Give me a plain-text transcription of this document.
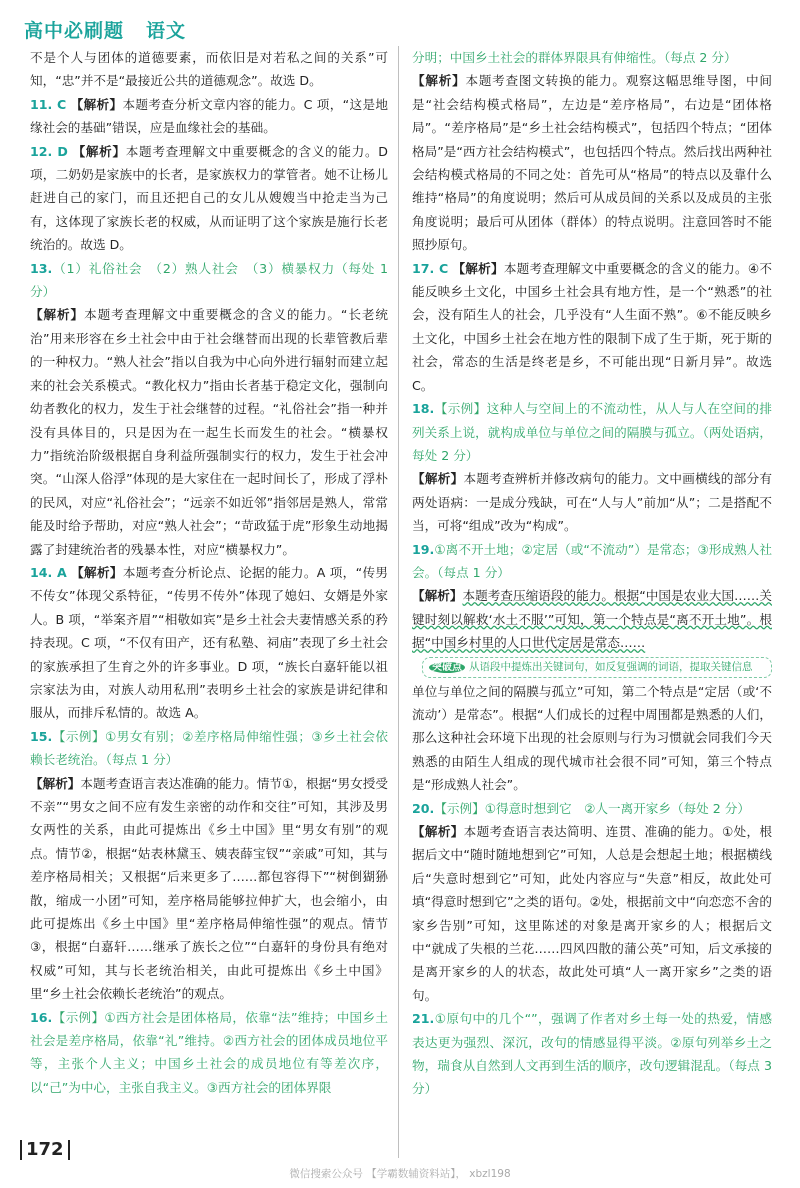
高中必刷题 语文

不是个人与团体的道德要素，而依旧是对若私之间的关系”可知，“忠”并不是“最接近公共的道德观念”。故选 D。

11. C 【解析】本题考查分析文章内容的能力。C 项，“这是地缘社会的基础”错误，应是血缘社会的基础。

12. D 【解析】本题考查理解文中重要概念的含义的能力。D 项，二奶奶是家族中的长者，是家族权力的掌管者。她不让杨儿赶进自己的家门，而且还把自己的女儿从嫂嫂当中抢走当为己有，这体现了家族长老的权威，从而证明了这个家族是施行长老统治的。故选 D。

13.（1）礼俗社会　（2）熟人社会　（3）横暴权力（每处 1 分）
【解析】本题考查理解文中重要概念的含义的能力。“长老统治”用来形容在乡土社会中由于社会继替而出现的长辈管教后辈的一种权力。“熟人社会”指以自我为中心向外进行辐射而建立起来的社会关系模式。“教化权力”指由长者基于稳定文化，强制向幼者教化的权力，发生于社会继替的过程。“礼俗社会”指一种并没有具体目的，只是因为在一起生长而发生的社会。“横暴权力”指统治阶级根据自身利益所强制实行的权力，发生于社会冲突。“山深人俗浮”体现的是大家住在一起时间长了，形成了浮朴的民风，对应“礼俗社会”；“远亲不如近邻”指邻居是熟人，常常能及时给予帮助，对应“熟人社会”；“苛政猛于虎”形象生动地揭露了封建统治者的残暴本性，对应“横暴权力”。

14. A 【解析】本题考查分析论点、论据的能力。A 项，“传男不传女”体现父系特征，“传男不传外”体现了媳妇、女婿是外家人。B 项，“举案齐眉”“相敬如宾”是乡土社会夫妻情感关系的矜持表现。C 项，“不仅有田产，还有私塾、祠庙”表现了乡土社会的家族承担了生育之外的许多事业。D 项，“族长白嘉轩能以祖宗家法为由，对族人动用私刑”表明乡土社会的家族是讲纪律和服从，而排斥私情的。故选 A。

15.【示例】①男女有别；②差序格局伸缩性强；③乡土社会依赖长老统治。（每点 1 分）
【解析】本题考查语言表达准确的能力。情节①，根据“男女授受不亲”“男女之间不应有发生亲密的动作和交往”可知，其涉及男女两性的关系，由此可提炼出《乡土中国》里“男女有别”的观点。情节②，根据“姑表林黛玉、姨表薛宝钗”“亲戚”可知，其与差序格局相关；又根据“后来更多了……都包容得下”“树倒猢狲散，缩成一小团”可知，差序格局能够拉伸扩大，也会缩小，由此可提炼出《乡土中国》里“差序格局伸缩性强”的观点。情节③，根据“白嘉轩……继承了族长之位”“白嘉轩的身份具有绝对权威”可知，其与长老统治相关，由此可提炼出《乡土中国》里“乡土社会依赖长老统治”的观点。

16.【示例】①西方社会是团体格局，依靠“法”维持；中国乡土社会是差序格局，依靠“礼”维持。②西方社会的团体成员地位平等，主张个人主义；中国乡土社会的成员地位有等差次序，以“己”为中心，主张自我主义。③西方社会的团体界限

分明；中国乡土社会的群体界限具有伸缩性。（每点 2 分）
【解析】本题考查图文转换的能力。观察这幅思维导图，中间是“社会结构模式格局”，左边是“差序格局”，右边是“团体格局”。“差序格局”是“乡土社会结构模式”，包括四个特点；“团体格局”是“西方社会结构模式”，也包括四个特点。然后找出两种社会结构模式格局的不同之处：首先可从“格局”的特点以及靠什么维持“格局”的角度说明；然后可从成员间的关系以及成员的主张角度说明；最后可从团体（群体）的特点说明。注意回答时不能照抄原句。

17. C 【解析】本题考查理解文中重要概念的含义的能力。④不能反映乡土文化，中国乡土社会具有地方性，是一个“熟悉”的社会，没有陌生人的社会，几乎没有“人生面不熟”。⑥不能反映乡土文化，中国乡土社会在地方性的限制下成了生于斯，死于斯的社会，常态的生活是终老是乡，不可能出现“日新月异”。故选 C。

18.【示例】这种人与空间上的不流动性，从人与人在空间的排列关系上说，就构成单位与单位之间的隔膜与孤立。（两处语病，每处 2 分）
【解析】本题考查辨析并修改病句的能力。文中画横线的部分有两处语病：一是成分残缺，可在“人与人”前加“从”；二是搭配不当，可将“组成”改为“构成”。

19.①离不开土地；②定居（或“不流动”）是常态；③形成熟人社会。（每点 1 分）
【解析】本题考查压缩语段的能力。根据“中国是农业大国……关键时刻以解救‘水土不服’”可知，第一个特点是“离不开土地”。根据“中国乡村里的人口世代定居是常态……
突破点 从语段中提炼出关键词句，如反复强调的词语，提取关键信息
单位与单位之间的隔膜与孤立”可知，第二个特点是“定居（或‘不流动’）是常态”。根据“人们成长的过程中周围都是熟悉的人们，那么这种社会环境下出现的社会原则与行为习惯就会同我们今天熟悉的由陌生人组成的现代城市社会很不同”可知，第三个特点是“形成熟人社会”。

20.【示例】①得意时想到它　②人一离开家乡（每处 2 分）
【解析】本题考查语言表达简明、连贯、准确的能力。①处，根据后文中“随时随地想到它”可知，人总是会想起土地；根据横线后“失意时想到它”可知，此处内容应与“失意”相反，故此处可填“得意时想到它”之类的语句。②处，根据前文中“向恋恋不舍的家乡告别”可知，这里陈述的对象是离开家乡的人；根据后文中“就成了失根的兰花……四风四散的蒲公英”可知，后文承接的是离开家乡的人的状态，故此处可填“人一离开家乡”之类的语句。

21.①原句中的几个“”，强调了作者对乡土每一处的热爱，情感表达更为强烈、深沉，改句的情感显得平淡。②原句列举乡土之物，瑞食从自然到人文再到生活的顺序，改句逻辑混乱。（每点 3 分）

172
微信搜索公众号 【学霸数辅资料站】， xbzl198
